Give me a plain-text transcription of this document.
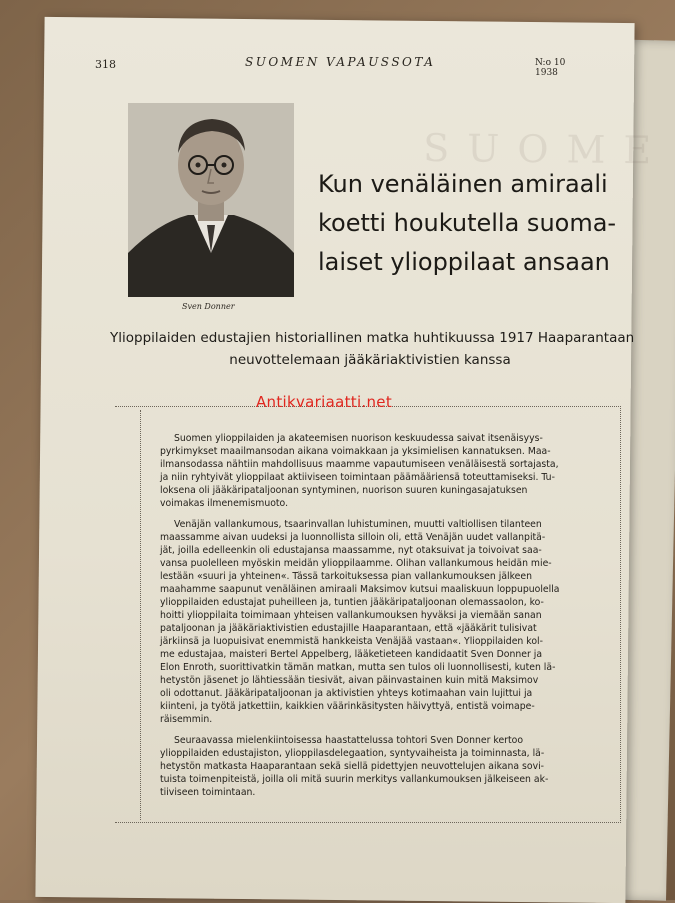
SUOME
318	SUOMEN VAPAUSSOTA	N:o 10 1938
Sven Donner
Kun venäläinen amiraali
koetti houkutella suoma-
laiset ylioppilaat ansaan
Ylioppilaiden edustajien historiallinen matka huhtikuussa 1917 Haaparantaan
neuvottelemaan jääkäriaktivistien kanssa
Antikvariaatti.net
Suomen ylioppilaiden ja akateemisen nuorison keskuudessa saivat itsenäisyys-
pyrkimykset maailmansodan aikana voimakkaan ja yksimielisen kannatuksen. Maa-
ilmansodassa nähtiin mahdollisuus maamme vapautumiseen venäläisestä sortajasta,
ja niin ryhtyivät ylioppilaat aktiiviseen toimintaan päämääriensä toteuttamiseksi. Tu-
loksena oli jääkäripataljoonan syntyminen, nuorison suuren kuningasajatuksen
voimakas ilmenemismuoto.
Venäjän vallankumous, tsaarinvallan luhistuminen, muutti valtiollisen tilanteen
maassamme aivan uudeksi ja luonnollista silloin oli, että Venäjän uudet vallanpitä-
jät, joilla edelleenkin oli edustajansa maassamme, nyt otaksuivat ja toivoivat saa-
vansa puolelleen myöskin meidän ylioppilaamme. Olihan vallankumous heidän mie-
lestään «suuri ja yhteinen«. Tässä tarkoituksessa pian vallankumouksen jälkeen
maahamme saapunut venäläinen amiraali Maksimov kutsui maaliskuun loppupuolella
ylioppilaiden edustajat puheilleen ja, tuntien jääkäripataljoonan olemassaolon, ko-
hoitti ylioppilaita toimimaan yhteisen vallankumouksen hyväksi ja viemään sanan
pataljoonan ja jääkäriaktivistien edustajille Haaparantaan, että «jääkärit tulisivat
järkiinsä ja luopuisivat enemmistä hankkeista Venäjää vastaan«. Ylioppilaiden kol-
me edustajaa, maisteri Bertel Appelberg, lääketieteen kandidaatit Sven Donner ja
Elon Enroth, suorittivatkin tämän matkan, mutta sen tulos oli luonnollisesti, kuten lä-
hetystön jäsenet jo lähtiessään tiesivät, aivan päinvastainen kuin mitä Maksimov
oli odottanut. Jääkäripataljoonan ja aktivistien yhteys kotimaahan vain lujittui ja
kiinteni, ja työtä jatkettiin, kaikkien väärinkäsitysten häivyttyä, entistä voimape-
räisemmin.
Seuraavassa mielenkiintoisessa haastattelussa tohtori Sven Donner kertoo
ylioppilaiden edustajiston, ylioppilasdelegaation, syntyvaiheista ja toiminnasta, lä-
hetystön matkasta Haaparantaan sekä siellä pidettyjen neuvottelujen aikana sovi-
tuista toimenpiteistä, joilla oli mitä suurin merkitys vallankumouksen jälkeiseen ak-
tiiviseen toimintaan.
